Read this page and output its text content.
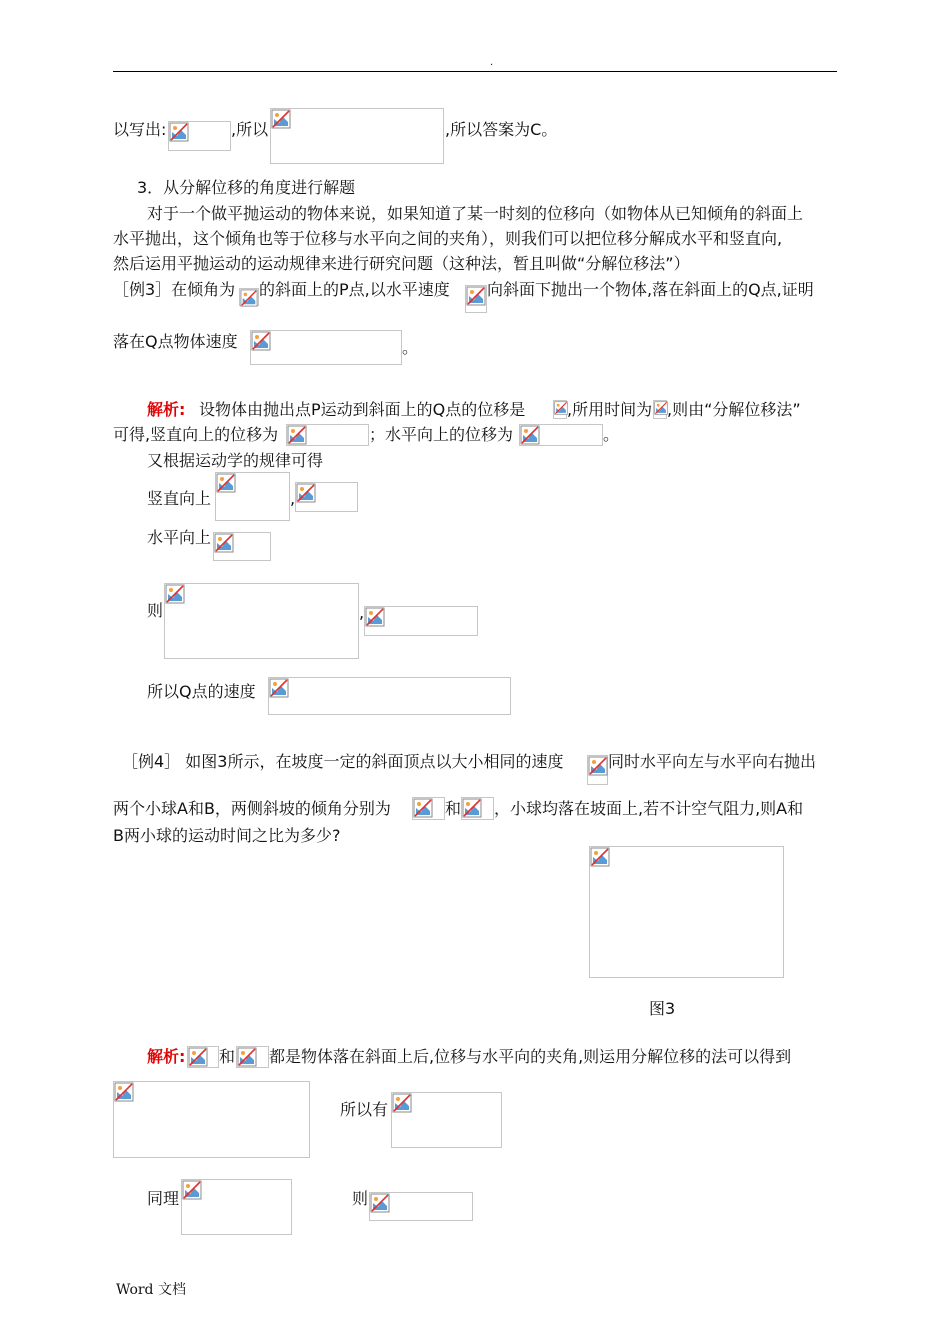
.
以写出:	,所以	,所以答案为C。
3．从分解位移的角度进行解题
对于一个做平抛运动的物体来说，如果知道了某一时刻的位移向（如物体从已知倾角的斜面上
水平抛出，这个倾角也等于位移与水平向之间的夹角），则我们可以把位移分解成水平和竖直向,
然后运用平抛运动的运动规律来进行研究问题（这种法，暂且叫做“分解位移法”）
［例3］在倾角为 的斜面上的P点,以水平速度 向斜面下抛出一个物体,落在斜面上的Q点,证明
落在Q点物体速度	。
解析: 设物体由抛出点P运动到斜面上的Q点的位移是	,所用时间为 ,则由“分解位移法”
可得,竖直向上的位移为	；水平向上的位移为	。
又根据运动学的规律可得
竖直向上	,
水平向上
则	,
所以Q点的速度
［例4］ 如图3所示，在坡度一定的斜面顶点以大小相同的速度	同时水平向左与水平向右抛出
两个小球A和B，两侧斜坡的倾角分别为	和 ，小球均落在坡面上,若不计空气阻力,则A和
B两小球的运动时间之比为多少?
图3
解析: 和 都是物体落在斜面上后,位移与水平向的夹角,则运用分解位移的法可以得到
所以有
同理	则
Word 文档
